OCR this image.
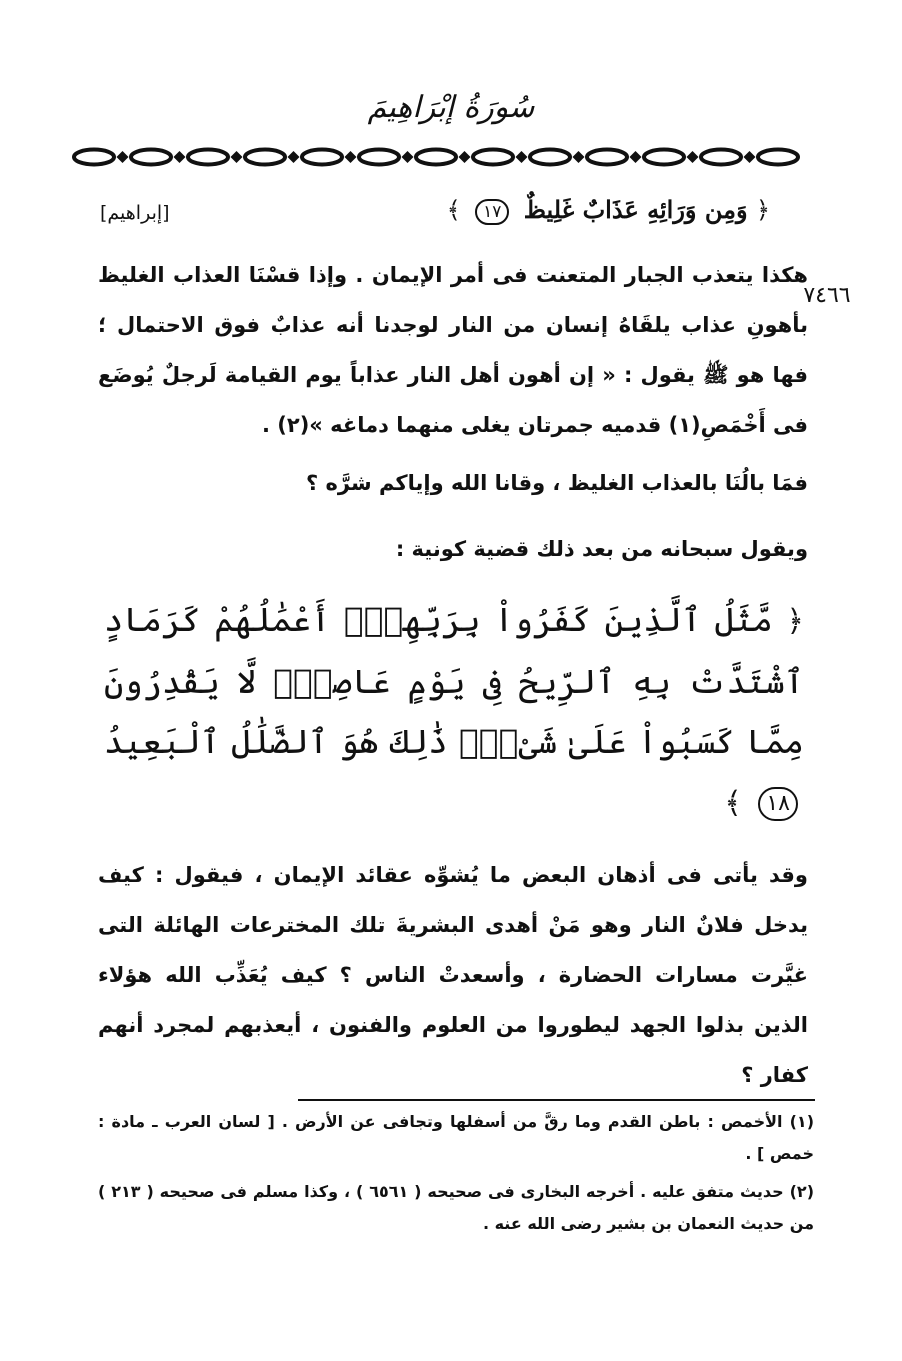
سُورَةُ إبْرَاهِيمَ
٧٤٦٦
﴿ وَمِن وَرَائِهِ عَذَابٌ غَلِيظٌ ١٧ ﴾
[إبراهيم]
هكذا يتعذب الجبار المتعنت فى أمر الإيمان . وإذا قسْنَا العذاب الغليظ بأهونِ عذاب يلقَاهُ إنسان من النار لوجدنا أنه عذابٌ فوق الاحتمال ؛ فها هو ﷺ يقول : « إن أهون أهل النار عذاباً يوم القيامة لَرجلٌ يُوضَع فى أَخْمَصِ(١) قدميه جمرتان يغلى منهما دماغه »(٢) .
فمَا بالُنَا بالعذاب الغليظ ، وقانا الله وإياكم شرَّه ؟
ويقول سبحانه من بعد ذلك قضية كونية :
﴿ مَّثَلُ ٱلَّذِينَ كَفَرُواْ بِرَبِّهِمْۖ أَعْمَٰلُهُمْ كَرَمَادٍ ٱشْتَدَّتْ بِهِ ٱلرِّيحُ فِى يَوْمٍ عَاصِفٍۖ لَّا يَقْدِرُونَ مِمَّا كَسَبُواْ عَلَىٰ شَىْءٍۚ ذَٰلِكَ هُوَ ٱلضَّلَٰلُ ٱلْبَعِيدُ ١٨ ﴾
وقد يأتى فى أذهان البعض ما يُشوِّه عقائد الإيمان ، فيقول : كيف يدخل فلانٌ النار وهو مَنْ أهدى البشريةَ تلك المخترعات الهائلة التى غيَّرت مسارات الحضارة ، وأسعدتْ الناس ؟ كيف يُعَذِّب الله هؤلاء الذين بذلوا الجهد ليطوروا من العلوم والفنون ، أيعذبهم لمجرد أنهم كفار ؟
(١) الأخمص : باطن القدم وما رقَّ من أسفلها وتجافى عن الأرض . [ لسان العرب ـ مادة : خمص ] .
(٢) حديث متفق عليه . أخرجه البخارى فى صحيحه ( ٦٥٦١ ) ، وكذا مسلم فى صحيحه ( ٢١٣ ) من حديث النعمان بن بشير رضى الله عنه .
